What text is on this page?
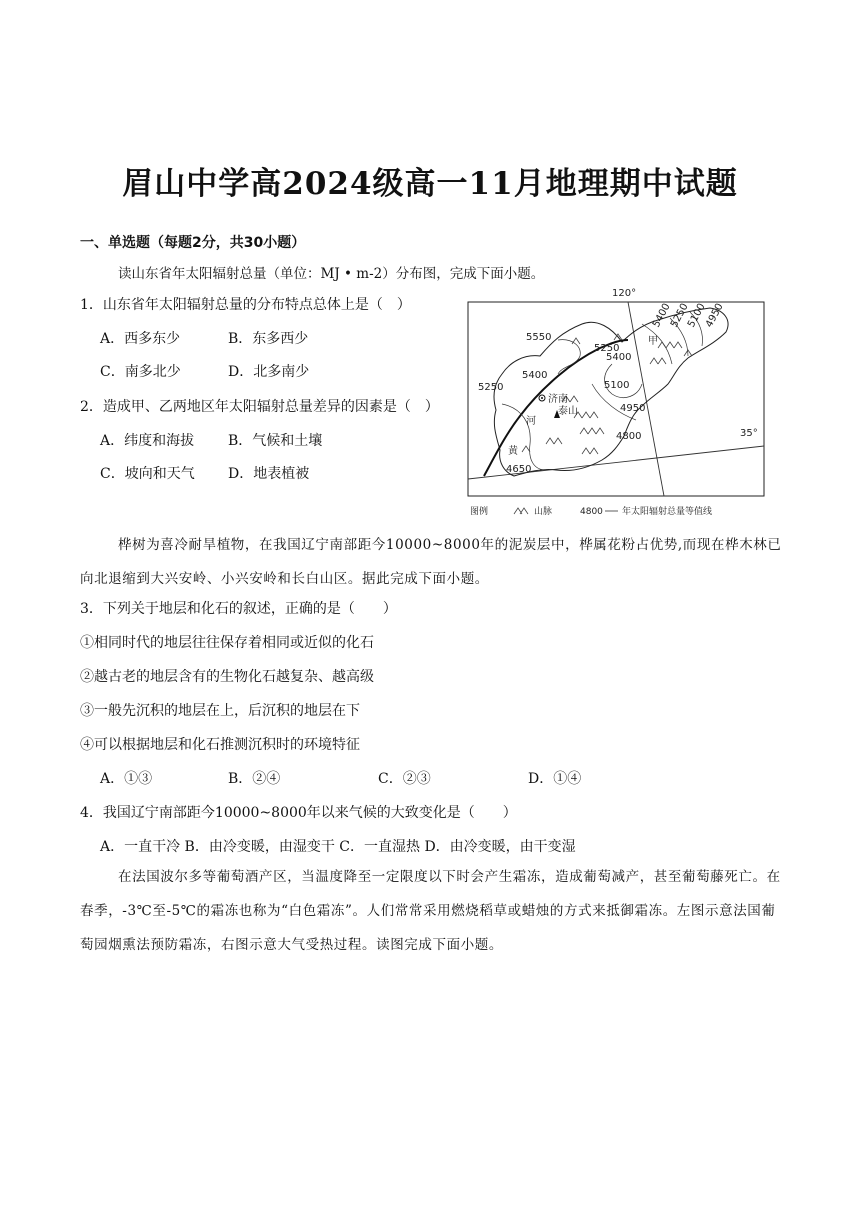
眉山中学高2024级高一11月地理期中试题
一、单选题（每题2分，共30小题）
读山东省年太阳辐射总量（单位：MJ • m-2）分布图，完成下面小题。
1．山东省年太阳辐射总量的分布特点总体上是（　）
A．西多东少	B．东多西少
C．南多北少	D．北多南少
2．造成甲、乙两地区年太阳辐射总量差异的因素是（　）
A．纬度和海拔 B．气候和土壤
C．坡向和天气 D．地表植被
120°
35°
5550
5250
5400
5250
5400
5100
4950
4800
4650
5400
5250
5100
4950
济南
泰山
甲
河
黄
图例	山脉	4800 年太阳辐射总量等值线
桦树为喜冷耐旱植物，在我国辽宁南部距今10000~8000年的泥炭层中，桦属花粉占优势,而现在桦木林已向北退缩到大兴安岭、小兴安岭和长白山区。据此完成下面小题。
3．下列关于地层和化石的叙述，正确的是（　　）
①相同时代的地层往往保存着相同或近似的化石
②越古老的地层含有的生物化石越复杂、越高级
③一般先沉积的地层在上，后沉积的地层在下
④可以根据地层和化石推测沉积时的环境特征
A．①③	B．②④	C．②③	D．①④
4．我国辽宁南部距今10000~8000年以来气候的大致变化是（　　）
A．一直干冷 B．由冷变暖，由湿变干 C．一直湿热 D．由冷变暖，由干变湿
在法国波尔多等葡萄酒产区，当温度降至一定限度以下时会产生霜冻，造成葡萄减产，甚至葡萄藤死亡。在春季，-3℃至-5℃的霜冻也称为“白色霜冻”。人们常常采用燃烧稻草或蜡烛的方式来抵御霜冻。左图示意法国葡萄园烟熏法预防霜冻，右图示意大气受热过程。读图完成下面小题。
